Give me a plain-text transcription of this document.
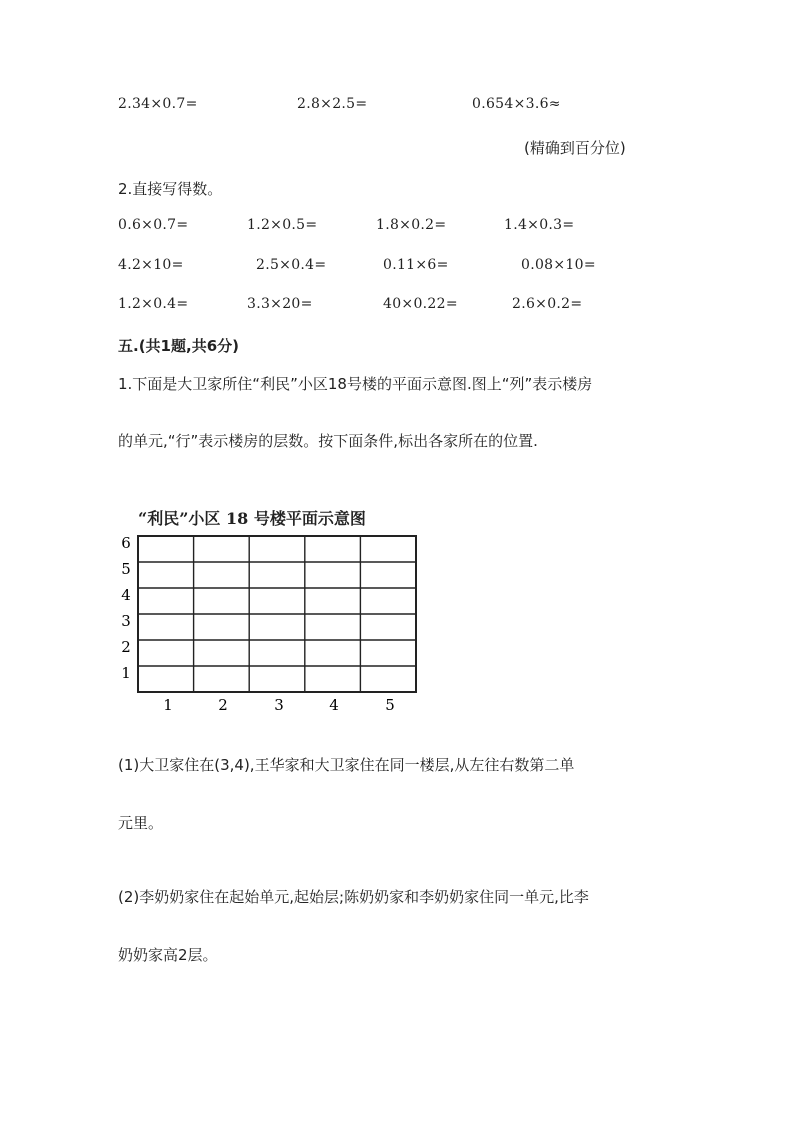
2.34×0.7=	2.8×2.5=	0.654×3.6≈
(精确到百分位)
2.直接写得数。
0.6×0.7=	1.2×0.5=	1.8×0.2=	1.4×0.3=
4.2×10=	2.5×0.4=	0.11×6=	0.08×10=
1.2×0.4=	3.3×20=	40×0.22=	2.6×0.2=
五.(共1题,共6分)
1.下面是大卫家所住“利民”小区18号楼的平面示意图.图上“列”表示楼房
的单元,“行”表示楼房的层数。按下面条件,标出各家所在的位置.
“利民”小区 18 号楼平面示意图
6
5
4
3
2
1
1	2	3	4	5
(1)大卫家住在(3,4),王华家和大卫家住在同一楼层,从左往右数第二单
元里。
(2)李奶奶家住在起始单元,起始层;陈奶奶家和李奶奶家住同一单元,比李
奶奶家高2层。
